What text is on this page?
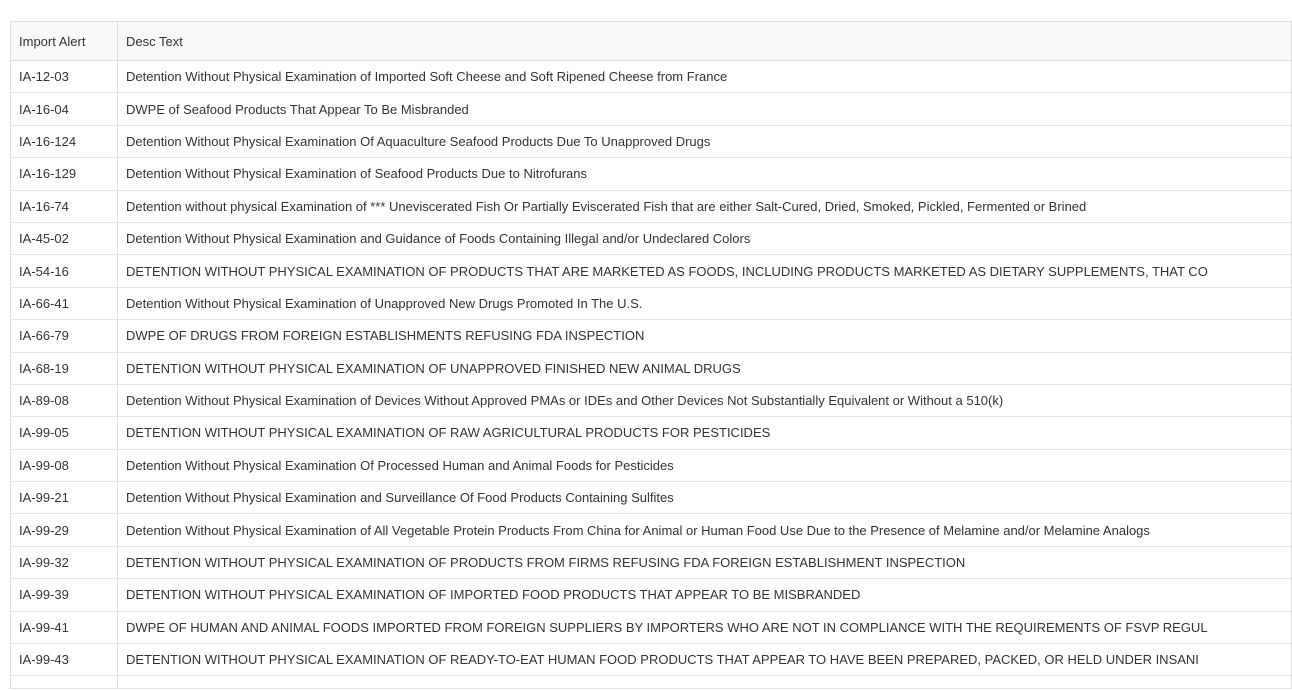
Import Alert	Desc Text	
IA-12-03	Detention Without Physical Examination of Imported Soft Cheese and Soft Ripened Cheese from France	
IA-16-04	DWPE of Seafood Products That Appear To Be Misbranded	
IA-16-124	Detention Without Physical Examination Of Aquaculture Seafood Products Due To Unapproved Drugs	
IA-16-129	Detention Without Physical Examination of Seafood Products Due to Nitrofurans	
IA-16-74	Detention without physical Examination of *** Uneviscerated Fish Or Partially Eviscerated Fish that are either Salt-Cured, Dried, Smoked, Pickled, Fermented or Brined	
IA-45-02	Detention Without Physical Examination and Guidance of Foods Containing Illegal and/or Undeclared Colors	
IA-54-16	DETENTION WITHOUT PHYSICAL EXAMINATION OF PRODUCTS THAT ARE MARKETED AS FOODS, INCLUDING PRODUCTS MARKETED AS DIETARY SUPPLEMENTS, THAT CO	
IA-66-41	Detention Without Physical Examination of Unapproved New Drugs Promoted In The U.S.	
IA-66-79	DWPE OF DRUGS FROM FOREIGN ESTABLISHMENTS REFUSING FDA INSPECTION	
IA-68-19	DETENTION WITHOUT PHYSICAL EXAMINATION OF UNAPPROVED FINISHED NEW ANIMAL DRUGS	
IA-89-08	Detention Without Physical Examination of Devices Without Approved PMAs or IDEs and Other Devices Not Substantially Equivalent or Without a 510(k)	
IA-99-05	DETENTION WITHOUT PHYSICAL EXAMINATION OF RAW AGRICULTURAL PRODUCTS FOR PESTICIDES	
IA-99-08	Detention Without Physical Examination Of Processed Human and Animal Foods for Pesticides	
IA-99-21	Detention Without Physical Examination and Surveillance Of Food Products Containing Sulfites	
IA-99-29	Detention Without Physical Examination of All Vegetable Protein Products From China for Animal or Human Food Use Due to the Presence of Melamine and/or Melamine Analogs	
IA-99-32	DETENTION WITHOUT PHYSICAL EXAMINATION OF PRODUCTS FROM FIRMS REFUSING FDA FOREIGN ESTABLISHMENT INSPECTION	
IA-99-39	DETENTION WITHOUT PHYSICAL EXAMINATION OF IMPORTED FOOD PRODUCTS THAT APPEAR TO BE MISBRANDED	
IA-99-41	DWPE OF HUMAN AND ANIMAL FOODS IMPORTED FROM FOREIGN SUPPLIERS BY IMPORTERS WHO ARE NOT IN COMPLIANCE WITH THE REQUIREMENTS OF FSVP REGUL	
IA-99-43	DETENTION WITHOUT PHYSICAL EXAMINATION OF READY-TO-EAT HUMAN FOOD PRODUCTS THAT APPEAR TO HAVE BEEN PREPARED, PACKED, OR HELD UNDER INSANI	
